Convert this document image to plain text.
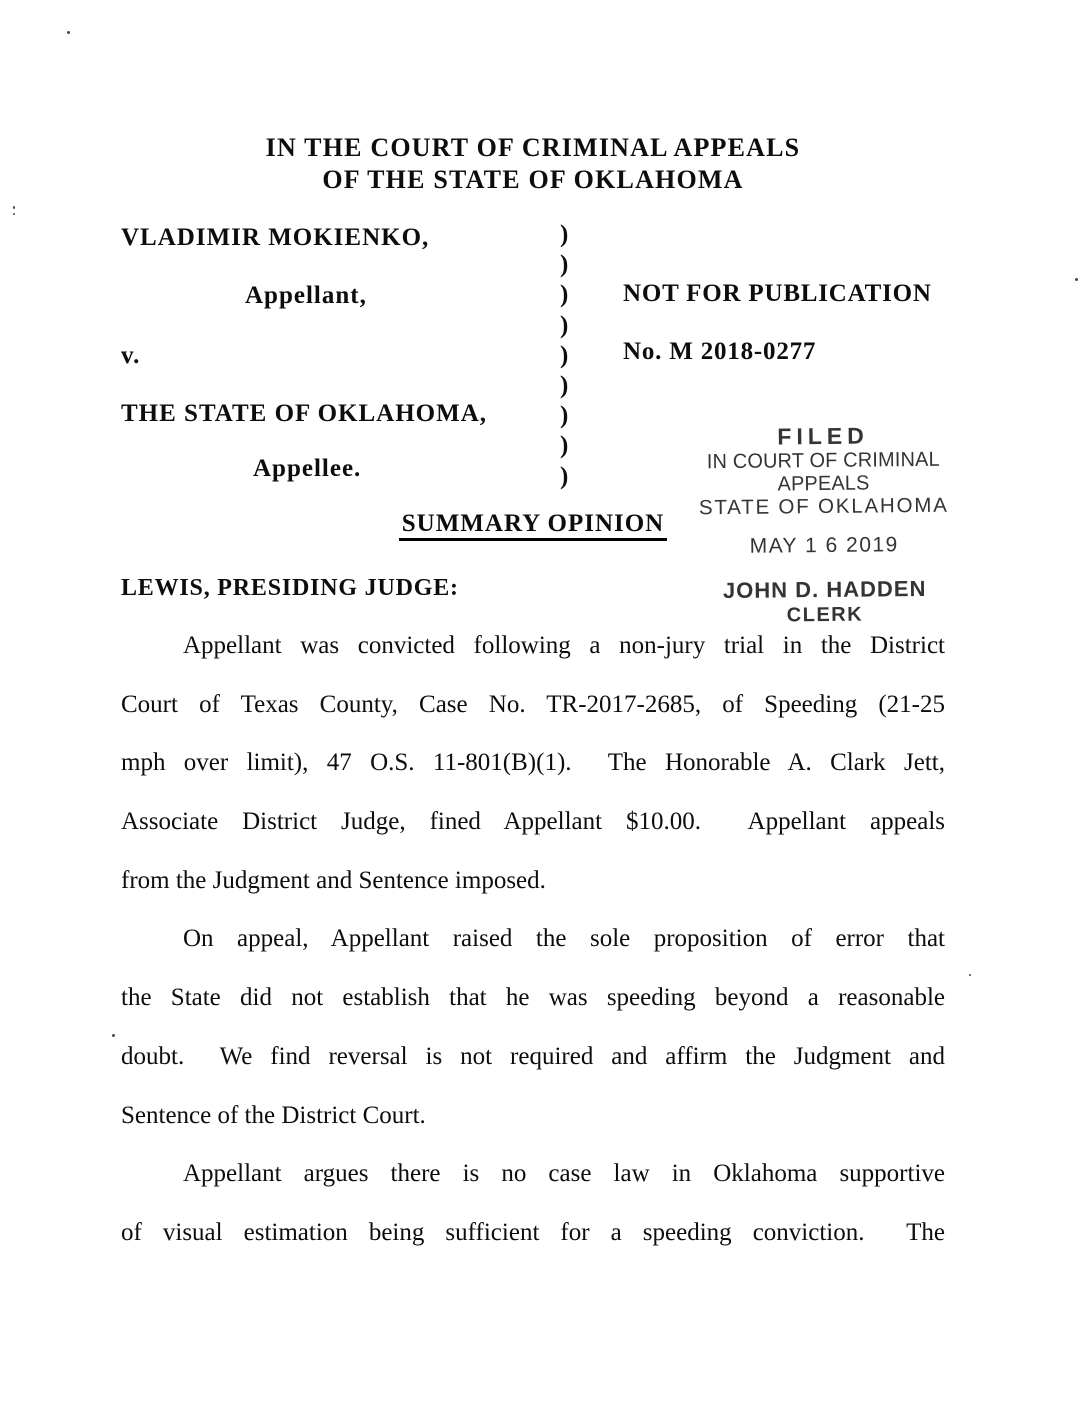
IN THE COURT OF CRIMINAL APPEALS
OF THE STATE OF OKLAHOMA
VLADIMIR MOKIENKO,
Appellant,
v.
THE STATE OF OKLAHOMA,
Appellee.
)
)
)
)
)
)
)
)
)
NOT FOR PUBLICATION
No. M 2018-0277
FILED
IN COURT OF CRIMINAL APPEALS
STATE OF OKLAHOMA
MAY 1 6 2019
JOHN D. HADDEN
CLERK
SUMMARY OPINION
LEWIS, PRESIDING JUDGE:
Appellant was convicted following a non-jury trial in the District
Court of Texas County, Case No. TR-2017-2685, of Speeding (21-25
mph over limit), 47 O.S. 11-801(B)(1).  The Honorable A. Clark Jett,
Associate District Judge, fined Appellant $10.00.  Appellant appeals
from the Judgment and Sentence imposed.
On appeal, Appellant raised the sole proposition of error that
the State did not establish that he was speeding beyond a reasonable
doubt.  We find reversal is not required and affirm the Judgment and
Sentence of the District Court.
Appellant argues there is no case law in Oklahoma supportive
of visual estimation being sufficient for a speeding conviction.  The
